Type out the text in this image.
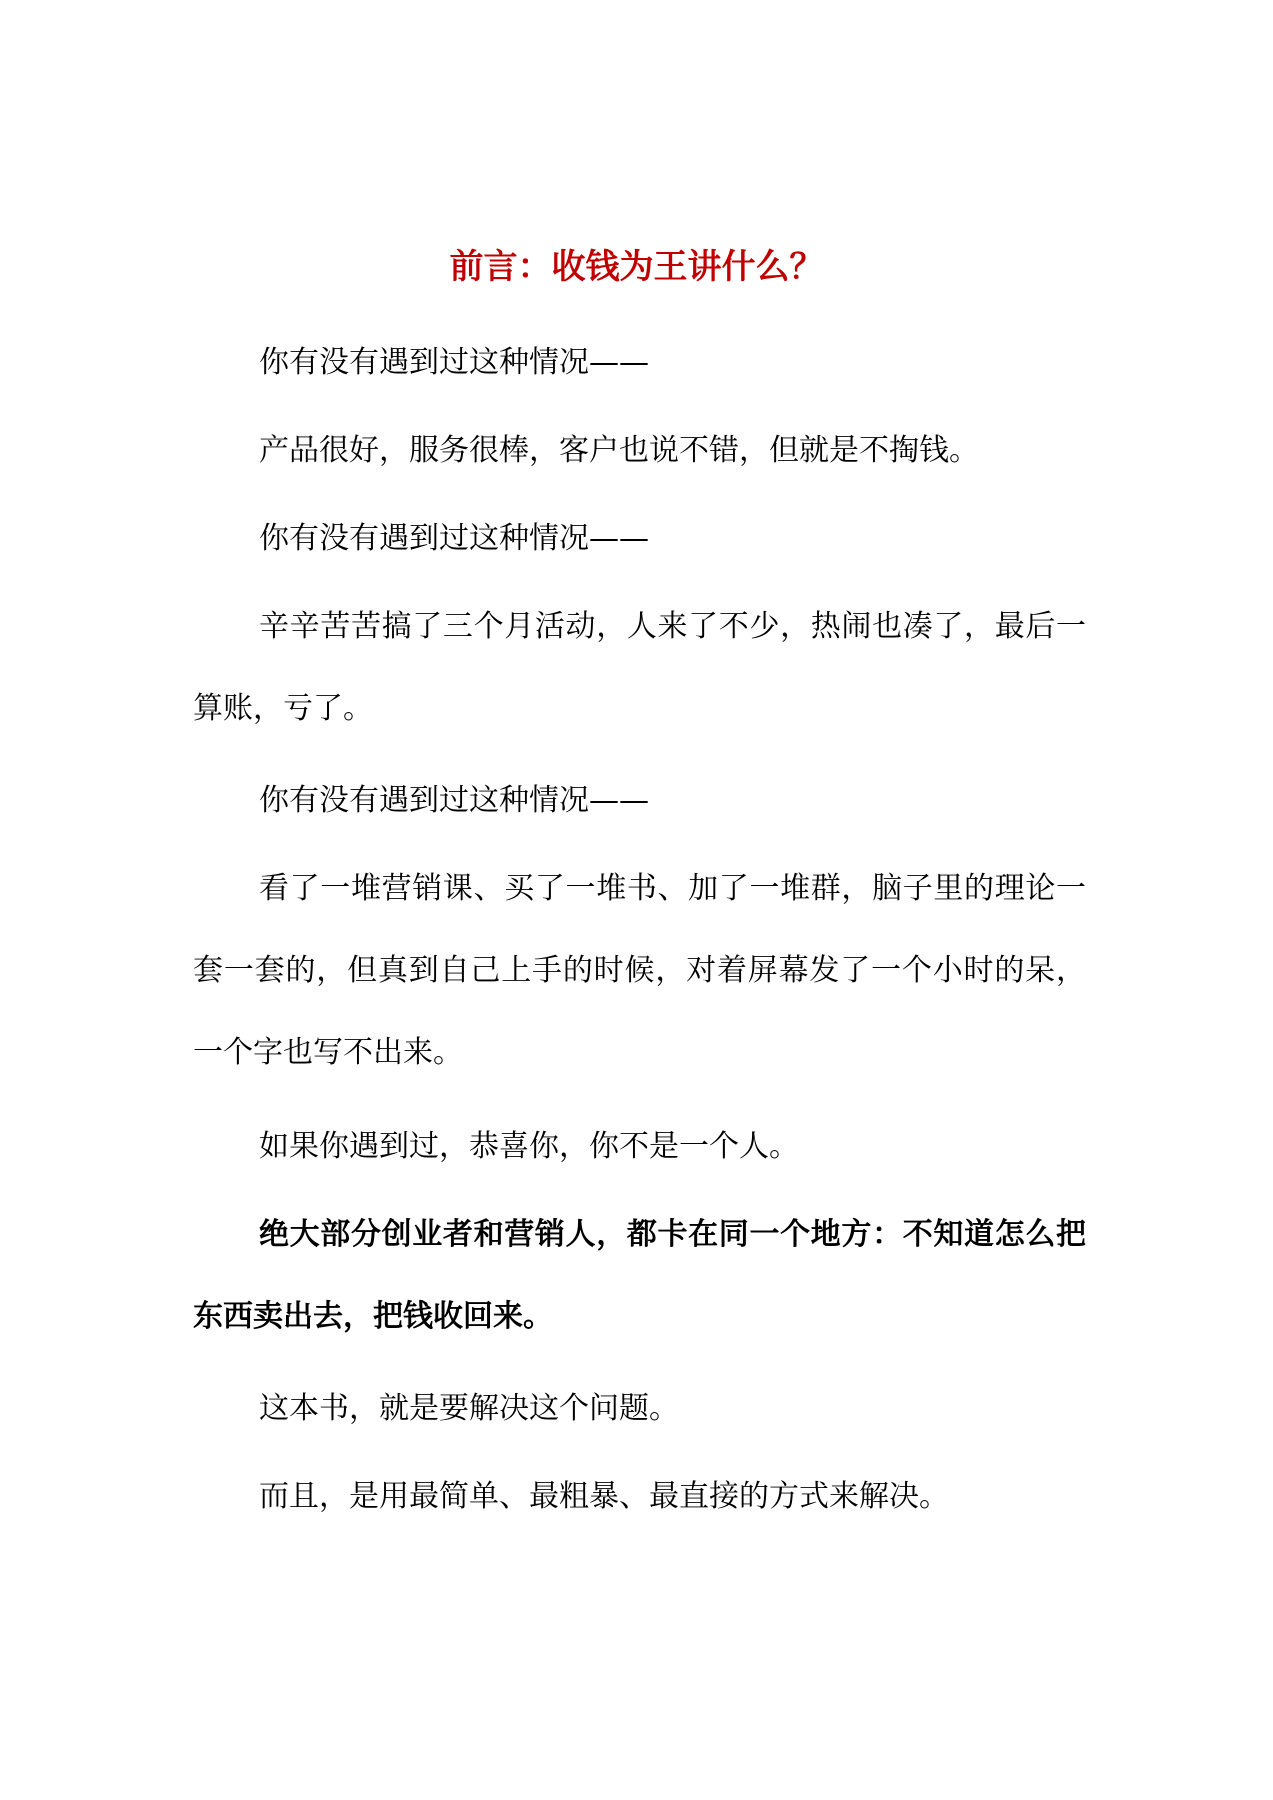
前言：收钱为王讲什么？

你有没有遇到过这种情况——

产品很好，服务很棒，客户也说不错，但就是不掏钱。

你有没有遇到过这种情况——

辛辛苦苦搞了三个月活动，人来了不少，热闹也凑了，最后一算账，亏了。

你有没有遇到过这种情况——

看了一堆营销课、买了一堆书、加了一堆群，脑子里的理论一套一套的，但真到自己上手的时候，对着屏幕发了一个小时的呆，一个字也写不出来。

如果你遇到过，恭喜你，你不是一个人。

绝大部分创业者和营销人，都卡在同一个地方：不知道怎么把东西卖出去，把钱收回来。

这本书，就是要解决这个问题。

而且，是用最简单、最粗暴、最直接的方式来解决。
